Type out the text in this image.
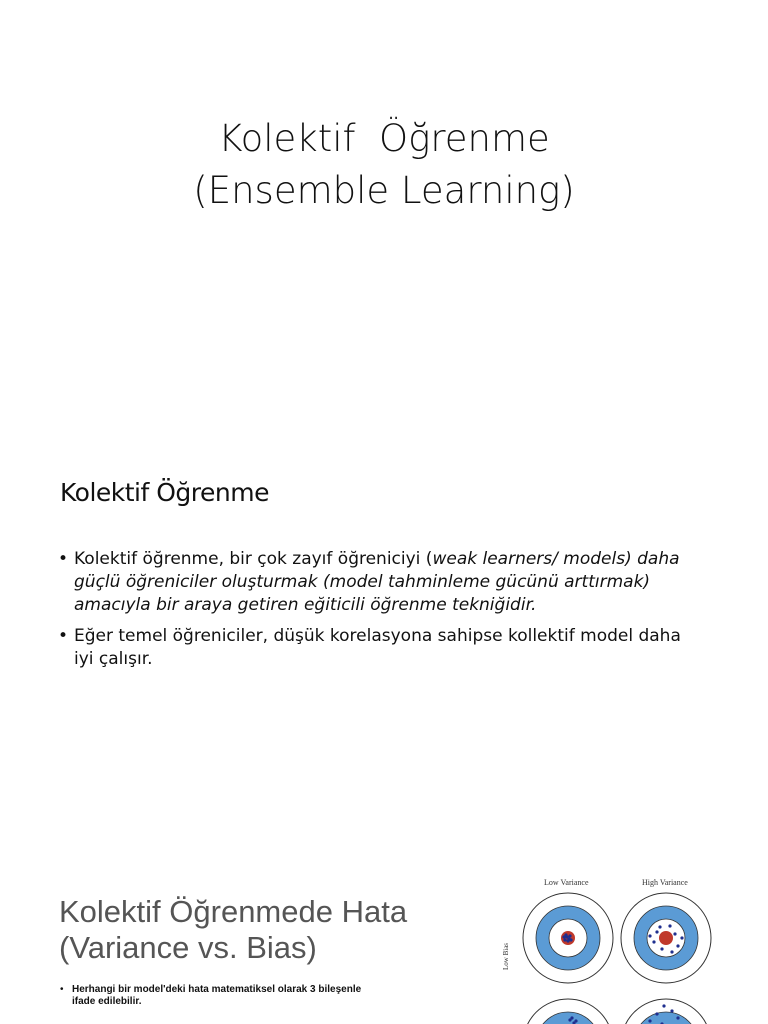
Kolektif  Öğrenme
(Ensemble Learning)
Kolektif Öğrenme
• Kolektif öğrenme, bir çok zayıf öğreniciyi (weak learners/ models) daha güçlü öğreniciler oluşturmak (model tahminleme gücünü arttırmak) amacıyla bir araya getiren eğiticili öğrenme tekniğidir.
• Eğer temel öğreniciler, düşük korelasyona sahipse kollektif model daha iyi çalışır.
Kolektif Öğrenmede Hata
(Variance vs. Bias)
• Herhangi bir model'deki hata matematiksel olarak 3 bileşenle ifade edilebilir.
Low Variance	High Variance
Low Bias
